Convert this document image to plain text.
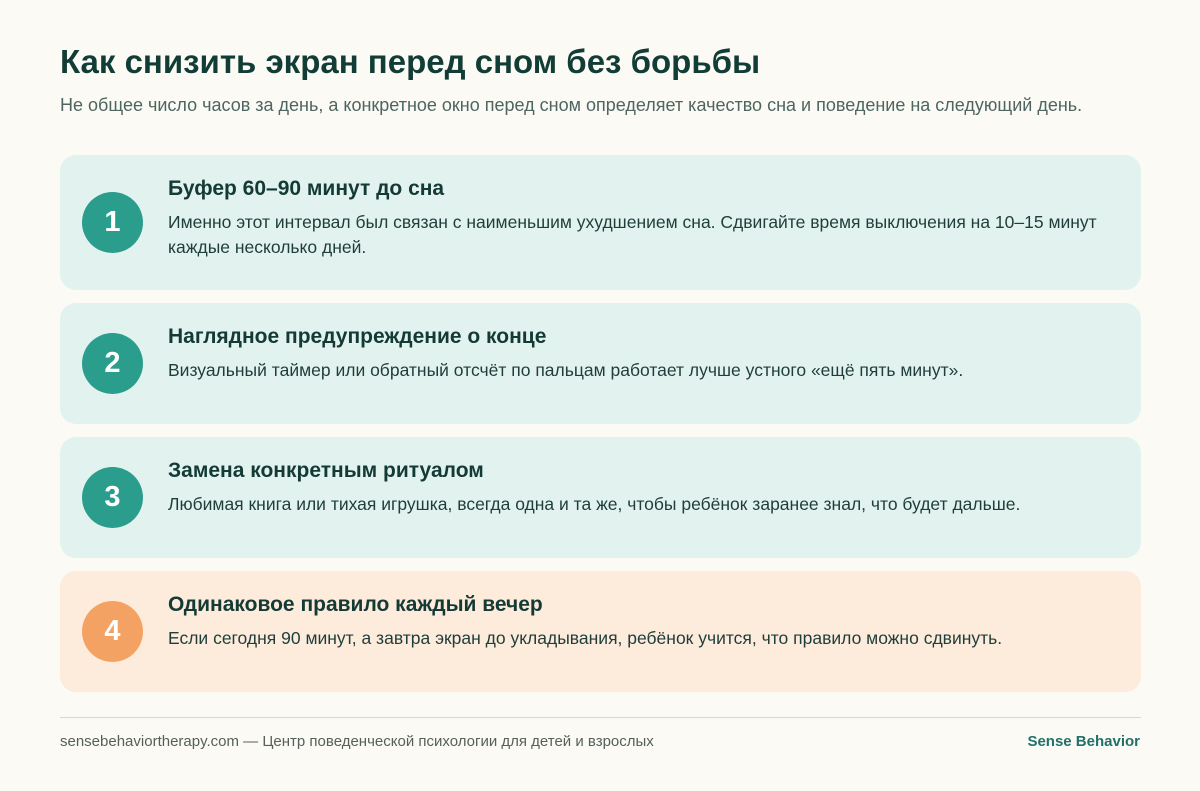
Как снизить экран перед сном без борьбы

Не общее число часов за день, а конкретное окно перед сном определяет качество сна и поведение на следующий день.

1
Буфер 60–90 минут до сна
Именно этот интервал был связан с наименьшим ухудшением сна. Сдвигайте время выключения на 10–15 минут каждые несколько дней.
2
Наглядное предупреждение о конце
Визуальный таймер или обратный отсчёт по пальцам работает лучше устного «ещё пять минут».
3
Замена конкретным ритуалом
Любимая книга или тихая игрушка, всегда одна и та же, чтобы ребёнок заранее знал, что будет дальше.
4
Одинаковое правило каждый вечер
Если сегодня 90 минут, а завтра экран до укладывания, ребёнок учится, что правило можно сдвинуть.
sensebehaviortherapy.com — Центр поведенческой психологии для детей и взрослых	Sense Behavior
